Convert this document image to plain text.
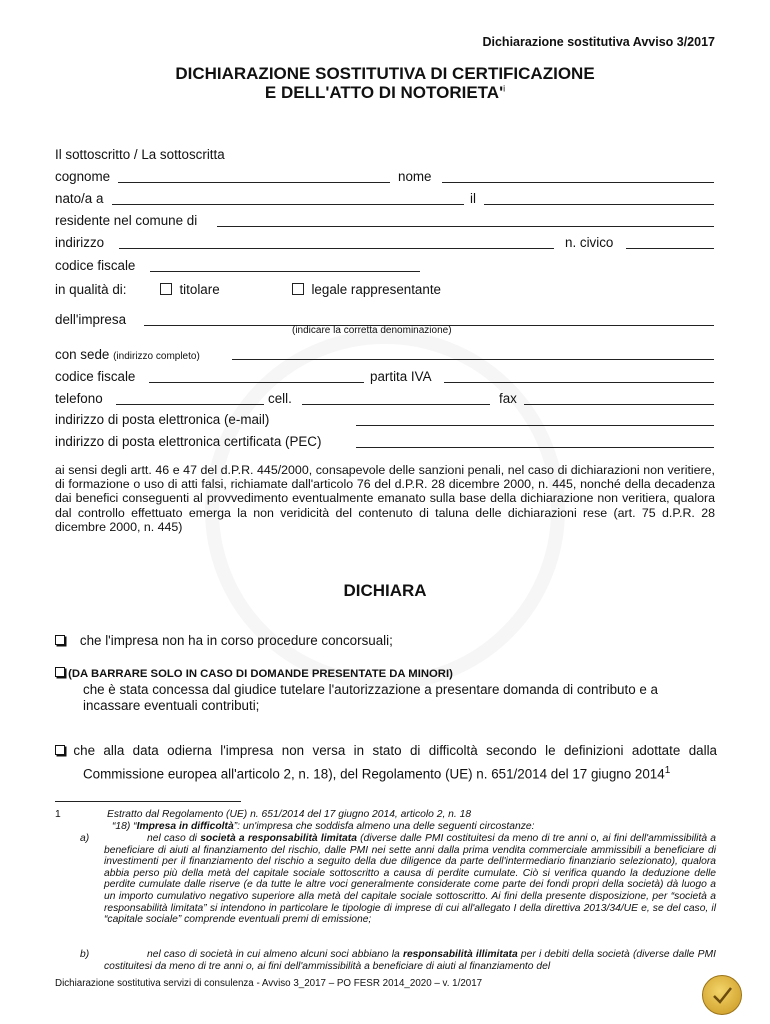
Dichiarazione sostitutiva Avviso 3/2017
DICHIARAZIONE SOSTITUTIVA DI CERTIFICAZIONE
E DELL'ATTO DI $NOTORIETA'^i$
Il sottoscritto / La sottoscritta
cognome	nome
nato/a a	il
residente nel comune di
indirizzo	n. civico
codice fiscale
in qualità di:	titolare	legale rappresentante
dell'impresa
(indicare la corretta denominazione)
con sede (indirizzo completo)
codice fiscale	partita IVA
telefono	cell.	fax
indirizzo di posta elettronica (e-mail)
indirizzo di posta elettronica certificata (PEC)
ai sensi degli artt. 46 e 47 del d.P.R. 445/2000, consapevole delle sanzioni penali, nel caso di dichiarazioni non veritiere, di formazione o uso di atti falsi, richiamate dall'articolo 76 del d.P.R. 28 dicembre 2000, n. 445, nonché della decadenza dai benefici conseguenti al provvedimento eventualmente emanato sulla base della dichiarazione non veritiera, qualora dal controllo effettuato emerga la non veridicità del contenuto di taluna delle dichiarazioni rese (art. 75 d.P.R. 28 dicembre 2000, n. 445)
DICHIARA
che l'impresa non ha in corso procedure concorsuali;
(DA BARRARE SOLO IN CASO DI DOMANDE PRESENTATE DA MINORI)
che è stata concessa dal giudice tutelare l'autorizzazione a presentare domanda di contributo e a incassare eventuali contributi;
che alla data odierna l'impresa non versa in stato di difficoltà secondo le definizioni adottate dalla
Commissione europea all'articolo 2, n. 18), del Regolamento (UE) n. 651/2014 del 17 giugno 2014$^1$
1	Estratto dal Regolamento (UE) n. 651/2014 del 17 giugno 2014, articolo 2, n. 18
“18) “Impresa in difficoltà”: un'impresa che soddisfa almeno una delle seguenti circostanze:
a)	nel caso di società a responsabilità limitata (diverse dalle PMI costituitesi da meno di tre anni o, ai fini dell'ammissibilità a beneficiare di aiuti al finanziamento del rischio, dalle PMI nei sette anni dalla prima vendita commerciale ammissibili a beneficiare di investimenti per il finanziamento del rischio a seguito della due diligence da parte dell'intermediario finanziario selezionato), qualora abbia perso più della metà del capitale sociale sottoscritto a causa di perdite cumulate. Ciò si verifica quando la deduzione delle perdite cumulate dalle riserve (e da tutte le altre voci generalmente considerate come parte dei fondi propri della società) dà luogo a un importo cumulativo negativo superiore alla metà del capitale sociale sottoscritto. Ai fini della presente disposizione, per “società a responsabilità limitata” si intendono in particolare le tipologie di imprese di cui all'allegato I della direttiva 2013/34/UE e, se del caso, il “capitale sociale” comprende eventuali premi di emissione;
b)	nel caso di società in cui almeno alcuni soci abbiano la responsabilità illimitata per i debiti della società (diverse dalle PMI costituitesi da meno di tre anni o, ai fini dell'ammissibilità a beneficiare di aiuti al finanziamento del
Dichiarazione sostitutiva servizi di consulenza - Avviso 3_2017 – PO FESR 2014_2020 – v. 1/2017
